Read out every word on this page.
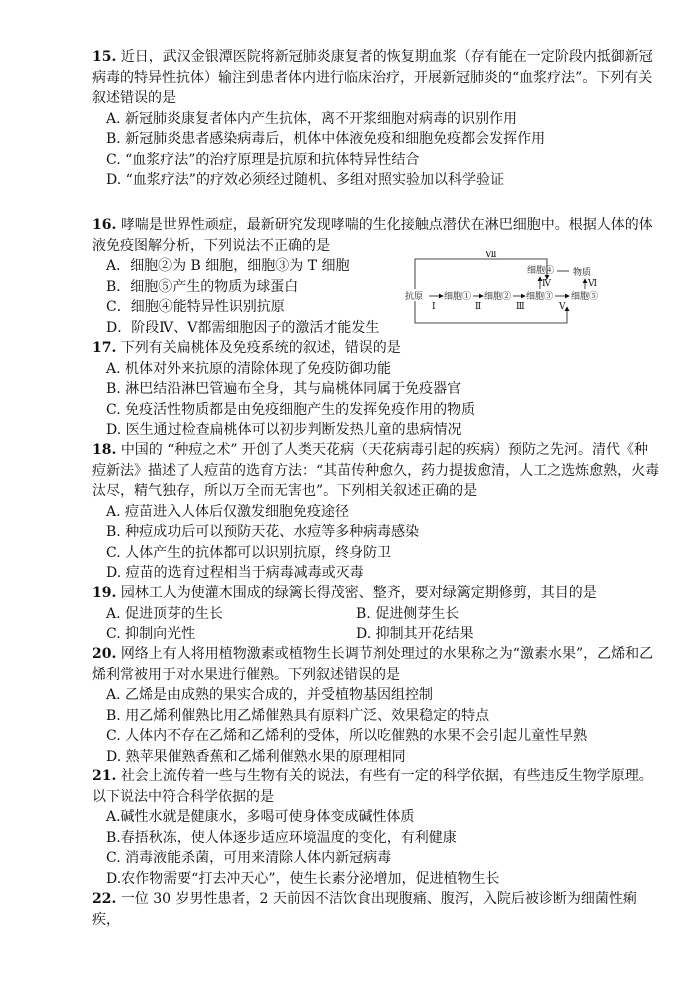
15. 近日，武汉金银潭医院将新冠肺炎康复者的恢复期血浆（存有能在一定阶段内抵御新冠病毒的特异性抗体）输注到患者体内进行临床治疗，开展新冠肺炎的“血浆疗法”。下列有关叙述错误的是

A. 新冠肺炎康复者体内产生抗体，离不开浆细胞对病毒的识别作用

B. 新冠肺炎患者感染病毒后，机体中体液免疫和细胞免疫都会发挥作用

C. “血浆疗法”的治疗原理是抗原和抗体特异性结合

D. “血浆疗法”的疗效必须经过随机、多组对照实验加以科学验证

16. 哮喘是世界性顽症，最新研究发现哮喘的生化接触点潜伏在淋巴细胞中。根据人体的体液免疫图解分析，下列说法不正确的是

A．细胞②为 B 细胞，细胞③为 T 细胞

B．细胞⑤产生的物质为球蛋白

C．细胞④能特异性识别抗原

D．阶段Ⅳ、Ⅴ都需细胞因子的激活才能发生

抗原 细胞① 细胞② 细胞③
细胞④
细胞⑤
物质
Ⅰ	Ⅱ	Ⅲ
Ⅳ
Ⅴ
Ⅵ
Ⅶ

17. 下列有关扁桃体及免疫系统的叙述，错误的是

A. 机体对外来抗原的清除体现了免疫防御功能

B. 淋巴结沿淋巴管遍布全身，其与扁桃体同属于免疫器官

C. 免疫活性物质都是由免疫细胞产生的发挥免疫作用的物质

D. 医生通过检查扁桃体可以初步判断发热儿童的患病情况

18. 中国的 “种痘之术” 开创了人类天花病（天花病毒引起的疾病）预防之先河。清代《种痘新法》描述了人痘苗的选育方法：“其苗传种愈久，药力提拔愈清，人工之选炼愈熟，火毒汰尽，精气独存，所以万全而无害也”。下列相关叙述正确的是

A. 痘苗进入人体后仅激发细胞免疫途径

B. 种痘成功后可以预防天花、水痘等多种病毒感染

C. 人体产生的抗体都可以识别抗原，终身防卫

D. 痘苗的选育过程相当于病毒减毒或灭毒

19. 园林工人为使灌木围成的绿篱长得茂密、整齐，要对绿篱定期修剪，其目的是

A. 促进顶芽的生长	B. 促进侧芽生长
C. 抑制向光性	D. 抑制其开花结果

20. 网络上有人将用植物激素或植物生长调节剂处理过的水果称之为“激素水果”，乙烯和乙烯利常被用于对水果进行催熟。下列叙述错误的是

A. 乙烯是由成熟的果实合成的，并受植物基因组控制

B. 用乙烯利催熟比用乙烯催熟具有原料广泛、效果稳定的特点

C. 人体内不存在乙烯和乙烯利的受体，所以吃催熟的水果不会引起儿童性早熟

D. 熟苹果催熟香蕉和乙烯利催熟水果的原理相同

21. 社会上流传着一些与生物有关的说法，有些有一定的科学依据，有些违反生物学原理。以下说法中符合科学依据的是

A.碱性水就是健康水，多喝可使身体变成碱性体质

B.春捂秋冻，使人体逐步适应环境温度的变化，有利健康

C. 消毒液能杀菌，可用来清除人体内新冠病毒

D.农作物需要“打去冲天心”，使生长素分泌增加，促进植物生长

22. 一位 30 岁男性患者，2 天前因不洁饮食出现腹痛、腹泻，入院后被诊断为细菌性痢疾，
